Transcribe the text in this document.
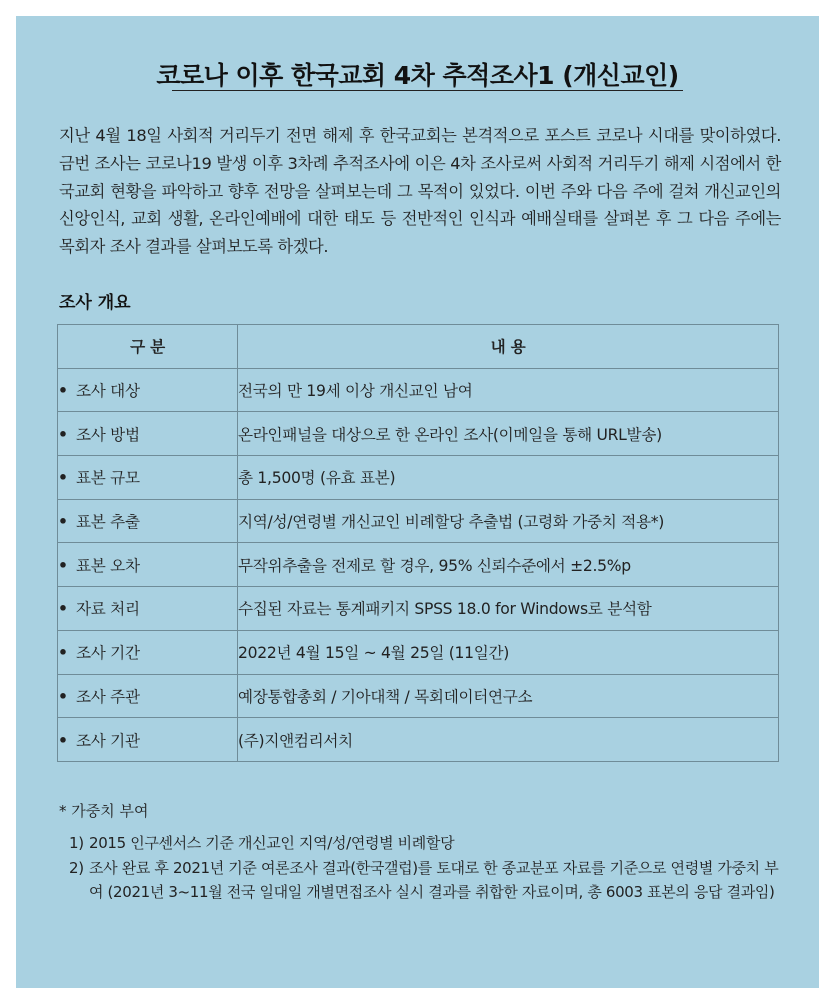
코로나 이후 한국교회 4차 추적조사1 (개신교인)
지난 4월 18일 사회적 거리두기 전면 해제 후 한국교회는 본격적으로 포스트 코로나 시대를 맞이하였다. 금번 조사는 코로나19 발생 이후 3차례 추적조사에 이은 4차 조사로써 사회적 거리두기 해제 시점에서 한국교회 현황을 파악하고 향후 전망을 살펴보는데 그 목적이 있었다. 이번 주와 다음 주에 걸쳐 개신교인의 신앙인식, 교회 생활, 온라인예배에 대한 태도 등 전반적인 인식과 예배실태를 살펴본 후 그 다음 주에는 목회자 조사 결과를 살펴보도록 하겠다.
조사 개요
구 분	내 용
• 조사 대상	전국의 만 19세 이상 개신교인 남여
• 조사 방법	온라인패널을 대상으로 한 온라인 조사(이메일을 통해 URL발송)
• 표본 규모	총 1,500명 (유효 표본)
• 표본 추출	지역/성/연령별 개신교인 비례할당 추출법 (고령화 가중치 적용*)
• 표본 오차	무작위추출을 전제로 할 경우, 95% 신뢰수준에서 ±2.5%p
• 자료 처리	수집된 자료는 통계패키지 SPSS 18.0 for Windows로 분석함
• 조사 기간	2022년 4월 15일 ~ 4월 25일 (11일간)
• 조사 주관	예장통합총회 / 기아대책 / 목회데이터연구소
• 조사 기관	(주)지앤컴리서치
* 가중치 부여
1) 2015 인구센서스 기준 개신교인 지역/성/연령별 비례할당
2) 조사 완료 후 2021년 기준 여론조사 결과(한국갤럽)를 토대로 한 종교분포 자료를 기준으로 연령별 가중치 부여 (2021년 3~11월 전국 일대일 개별면접조사 실시 결과를 취합한 자료이며, 총 6003 표본의 응답 결과임)
